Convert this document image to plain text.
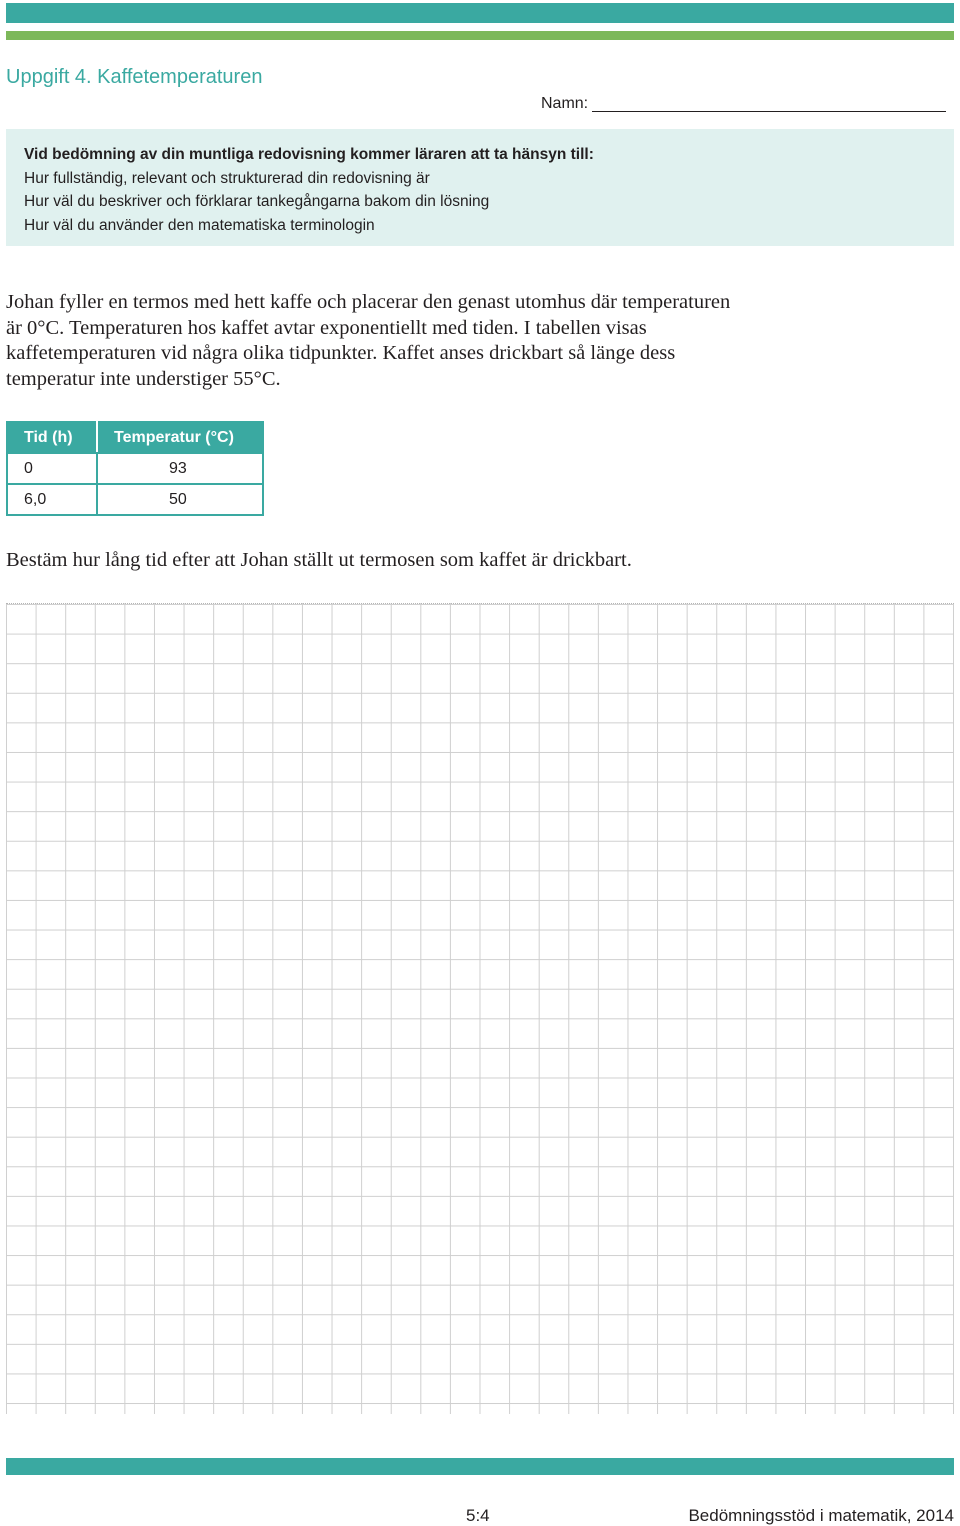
Uppgift 4. Kaffetemperaturen
Namn:
Vid bedömning av din muntliga redovisning kommer läraren att ta hänsyn till:
Hur fullständig, relevant och strukturerad din redovisning är
Hur väl du beskriver och förklarar tankegångarna bakom din lösning
Hur väl du använder den matematiska terminologin
Johan fyller en termos med hett kaffe och placerar den genast utomhus där temperaturen
är 0°C. Temperaturen hos kaffet avtar exponentiellt med tiden. I tabellen visas
kaffetemperaturen vid några olika tidpunkter. Kaffet anses drickbart så länge dess
temperatur inte understiger 55°C.
Tid (h)	Temperatur (°C)
0	93
6,0	50

Bestäm hur lång tid efter att Johan ställt ut termosen som kaffet är drickbart.

5:4	Bedömningsstöd i matematik, 2014
